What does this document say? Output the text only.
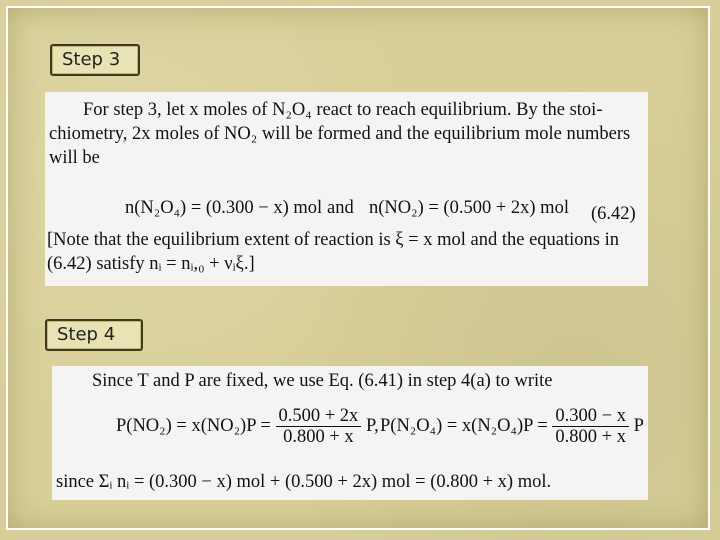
Step 3

For step 3, let x moles of N₂O₄ react to reach equilibrium. By the stoi-
chiometry, 2x moles of NO₂ will be formed and the equilibrium mole numbers
will be
n(N₂O₄) = (0.300 − x) mol and n(NO₂) = (0.500 + 2x) mol (6.42)
[Note that the equilibrium extent of reaction is ξ = x mol and the equations in
(6.42) satisfy nᵢ = nᵢ,₀ + νᵢξ.]
Step 4
Since T and P are fixed, we use Eq. (6.41) in step 4(a) to write
$P(NO_2) = x(NO_2)P = \frac{0.500 + 2x}{0.800 + x} P$, $P(N_2O_4) = x(N_2O_4)P = \frac{0.300 - x}{0.800 + x}$ P
since Σᵢ nᵢ = (0.300 − x) mol + (0.500 + 2x) mol = (0.800 + x) mol.
